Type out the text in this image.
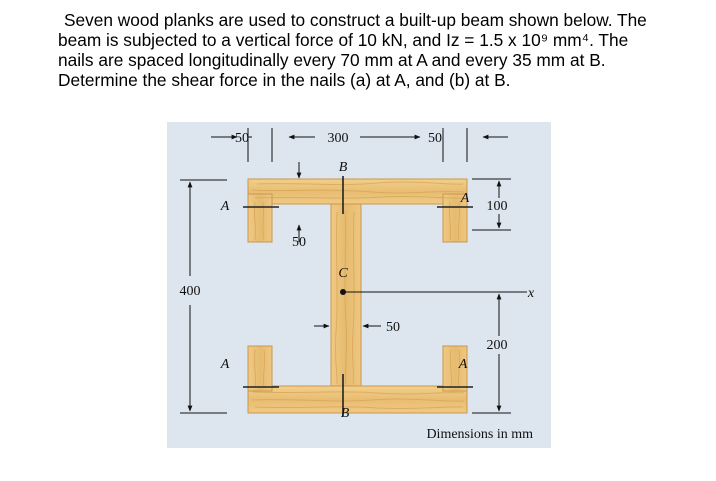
Seven wood planks are used to construct a built-up beam shown below. The
beam is subjected to a vertical force of 10 kN, and Iz = 1.5 x 10⁹ mm⁴. The
nails are spaced longitudinally every 70 mm at A and every 35 mm at B.
Determine the shear force in the nails (a) at A, and (b) at B.
50	300	50
B
A
A
100
50
C
400	x
50
200
A	A
B
Dimensions in mm
